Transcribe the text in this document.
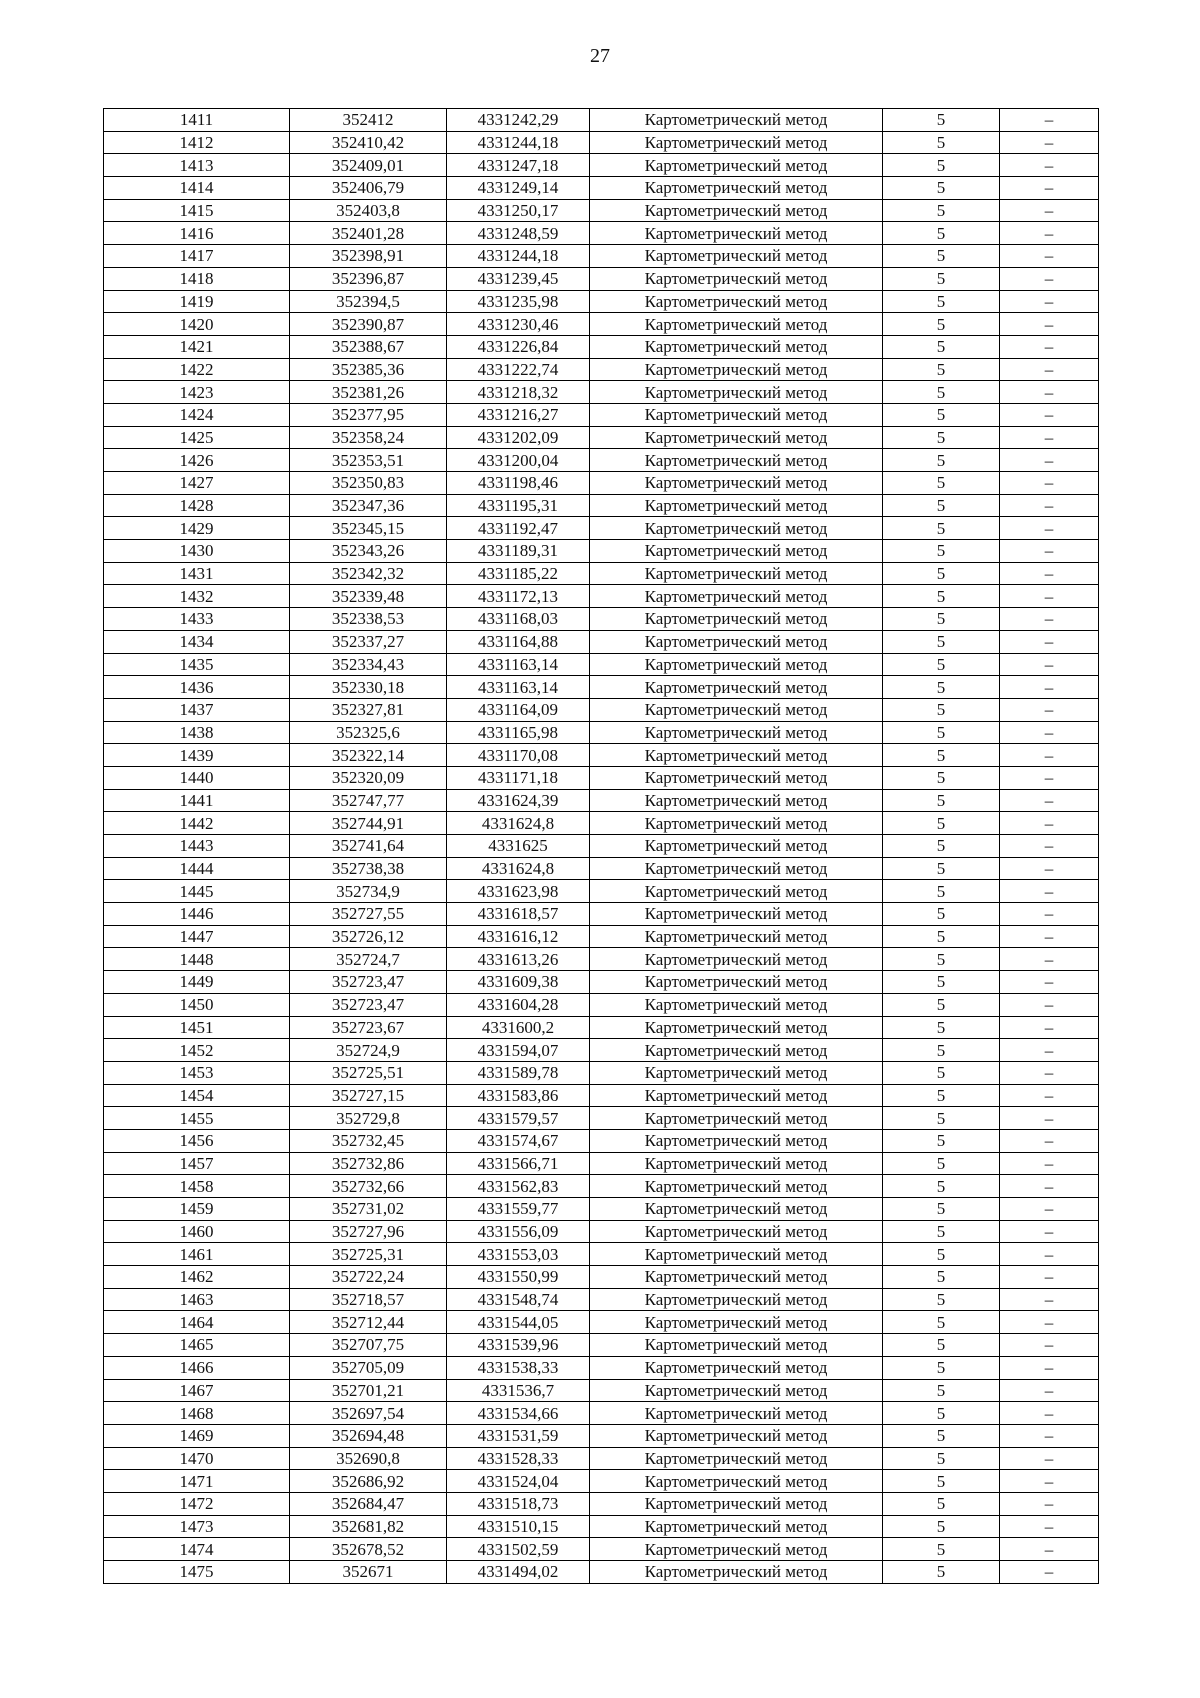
27
1411	352412	4331242,29	Картометрический метод	5	–
1412	352410,42	4331244,18	Картометрический метод	5	–
1413	352409,01	4331247,18	Картометрический метод	5	–
1414	352406,79	4331249,14	Картометрический метод	5	–
1415	352403,8	4331250,17	Картометрический метод	5	–
1416	352401,28	4331248,59	Картометрический метод	5	–
1417	352398,91	4331244,18	Картометрический метод	5	–
1418	352396,87	4331239,45	Картометрический метод	5	–
1419	352394,5	4331235,98	Картометрический метод	5	–
1420	352390,87	4331230,46	Картометрический метод	5	–
1421	352388,67	4331226,84	Картометрический метод	5	–
1422	352385,36	4331222,74	Картометрический метод	5	–
1423	352381,26	4331218,32	Картометрический метод	5	–
1424	352377,95	4331216,27	Картометрический метод	5	–
1425	352358,24	4331202,09	Картометрический метод	5	–
1426	352353,51	4331200,04	Картометрический метод	5	–
1427	352350,83	4331198,46	Картометрический метод	5	–
1428	352347,36	4331195,31	Картометрический метод	5	–
1429	352345,15	4331192,47	Картометрический метод	5	–
1430	352343,26	4331189,31	Картометрический метод	5	–
1431	352342,32	4331185,22	Картометрический метод	5	–
1432	352339,48	4331172,13	Картометрический метод	5	–
1433	352338,53	4331168,03	Картометрический метод	5	–
1434	352337,27	4331164,88	Картометрический метод	5	–
1435	352334,43	4331163,14	Картометрический метод	5	–
1436	352330,18	4331163,14	Картометрический метод	5	–
1437	352327,81	4331164,09	Картометрический метод	5	–
1438	352325,6	4331165,98	Картометрический метод	5	–
1439	352322,14	4331170,08	Картометрический метод	5	–
1440	352320,09	4331171,18	Картометрический метод	5	–
1441	352747,77	4331624,39	Картометрический метод	5	–
1442	352744,91	4331624,8	Картометрический метод	5	–
1443	352741,64	4331625	Картометрический метод	5	–
1444	352738,38	4331624,8	Картометрический метод	5	–
1445	352734,9	4331623,98	Картометрический метод	5	–
1446	352727,55	4331618,57	Картометрический метод	5	–
1447	352726,12	4331616,12	Картометрический метод	5	–
1448	352724,7	4331613,26	Картометрический метод	5	–
1449	352723,47	4331609,38	Картометрический метод	5	–
1450	352723,47	4331604,28	Картометрический метод	5	–
1451	352723,67	4331600,2	Картометрический метод	5	–
1452	352724,9	4331594,07	Картометрический метод	5	–
1453	352725,51	4331589,78	Картометрический метод	5	–
1454	352727,15	4331583,86	Картометрический метод	5	–
1455	352729,8	4331579,57	Картометрический метод	5	–
1456	352732,45	4331574,67	Картометрический метод	5	–
1457	352732,86	4331566,71	Картометрический метод	5	–
1458	352732,66	4331562,83	Картометрический метод	5	–
1459	352731,02	4331559,77	Картометрический метод	5	–
1460	352727,96	4331556,09	Картометрический метод	5	–
1461	352725,31	4331553,03	Картометрический метод	5	–
1462	352722,24	4331550,99	Картометрический метод	5	–
1463	352718,57	4331548,74	Картометрический метод	5	–
1464	352712,44	4331544,05	Картометрический метод	5	–
1465	352707,75	4331539,96	Картометрический метод	5	–
1466	352705,09	4331538,33	Картометрический метод	5	–
1467	352701,21	4331536,7	Картометрический метод	5	–
1468	352697,54	4331534,66	Картометрический метод	5	–
1469	352694,48	4331531,59	Картометрический метод	5	–
1470	352690,8	4331528,33	Картометрический метод	5	–
1471	352686,92	4331524,04	Картометрический метод	5	–
1472	352684,47	4331518,73	Картометрический метод	5	–
1473	352681,82	4331510,15	Картометрический метод	5	–
1474	352678,52	4331502,59	Картометрический метод	5	–
1475	352671	4331494,02	Картометрический метод	5	–
